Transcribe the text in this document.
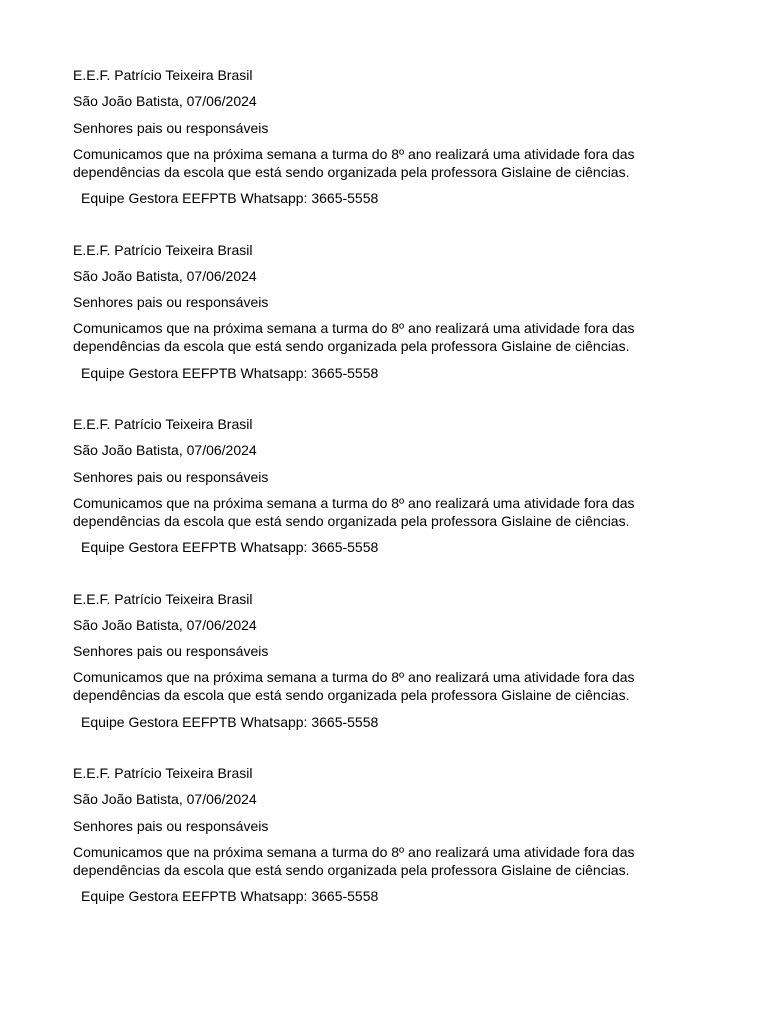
E.E.F. Patrício Teixeira Brasil
São João Batista, 07/06/2024
Senhores pais ou responsáveis
Comunicamos que na próxima semana a turma do 8º ano realizará uma atividade fora das dependências da escola que está sendo organizada pela professora Gislaine de ciências.
Equipe Gestora EEFPTB Whatsapp: 3665-5558
E.E.F. Patrício Teixeira Brasil
São João Batista, 07/06/2024
Senhores pais ou responsáveis
Comunicamos que na próxima semana a turma do 8º ano realizará uma atividade fora das dependências da escola que está sendo organizada pela professora Gislaine de ciências.
Equipe Gestora EEFPTB Whatsapp: 3665-5558
E.E.F. Patrício Teixeira Brasil
São João Batista, 07/06/2024
Senhores pais ou responsáveis
Comunicamos que na próxima semana a turma do 8º ano realizará uma atividade fora das dependências da escola que está sendo organizada pela professora Gislaine de ciências.
Equipe Gestora EEFPTB Whatsapp: 3665-5558
E.E.F. Patrício Teixeira Brasil
São João Batista, 07/06/2024
Senhores pais ou responsáveis
Comunicamos que na próxima semana a turma do 8º ano realizará uma atividade fora das dependências da escola que está sendo organizada pela professora Gislaine de ciências.
Equipe Gestora EEFPTB Whatsapp: 3665-5558
E.E.F. Patrício Teixeira Brasil
São João Batista, 07/06/2024
Senhores pais ou responsáveis
Comunicamos que na próxima semana a turma do 8º ano realizará uma atividade fora das dependências da escola que está sendo organizada pela professora Gislaine de ciências.
Equipe Gestora EEFPTB Whatsapp: 3665-5558
